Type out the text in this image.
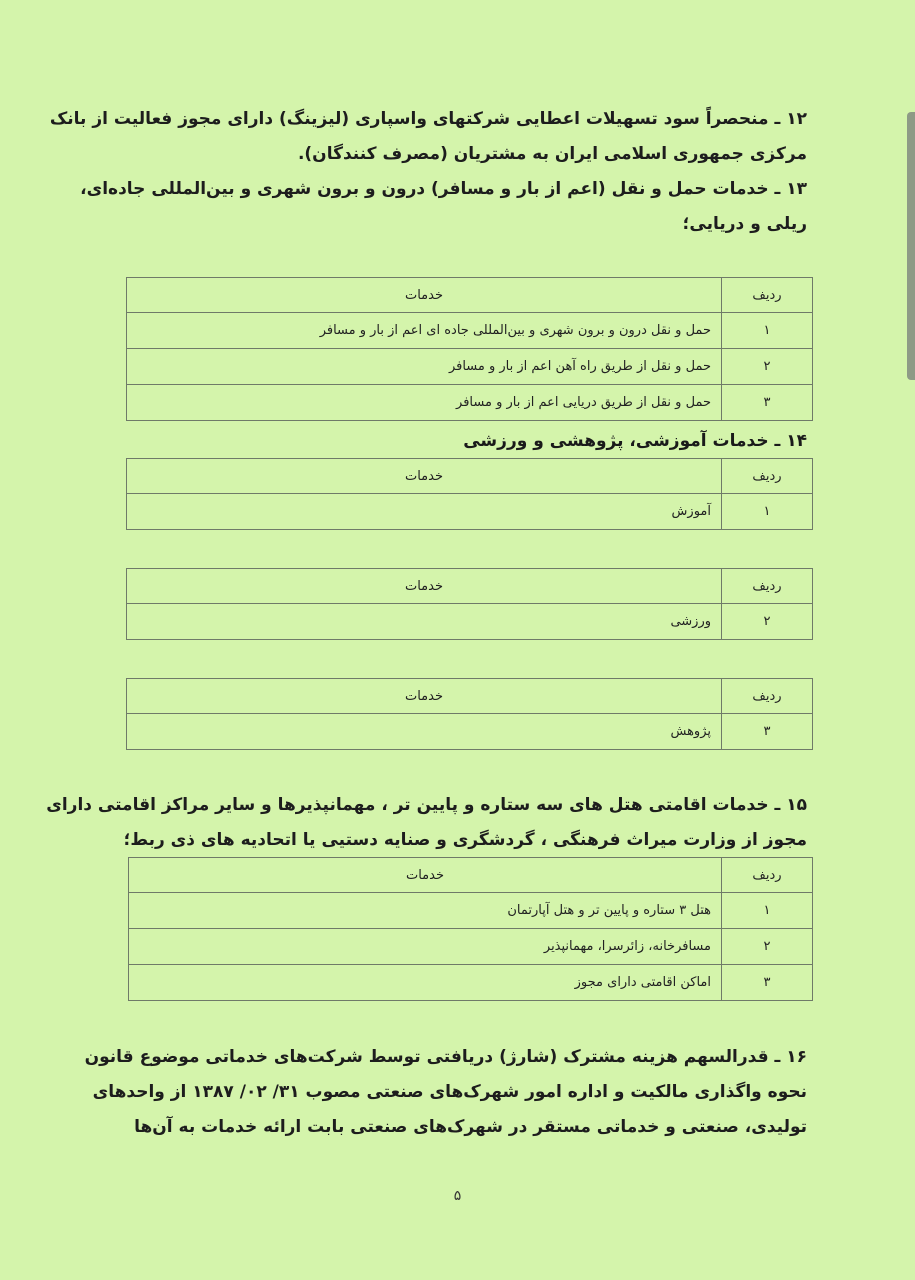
۱۲ ـ منحصراً سود تسهیلات اعطایی شرکتهای واسپاری (لیزینگ) دارای مجوز فعالیت از بانک
مرکزی جمهوری اسلامی ایران به مشتریان (مصرف کنندگان).
۱۳ ـ خدمات حمل و نقل (اعم از بار و مسافر) درون و برون شهری و بین‌المللی جاده‌ای،
ریلی و دریایی؛
ردیف	خدمات
۱	حمل و نقل درون و برون شهری و بین‌المللی جاده ای اعم از بار و مسافر
۲	حمل و نقل از طریق راه آهن اعم از بار و مسافر
۳	حمل و نقل از طریق دریایی اعم از بار و مسافر
۱۴ ـ خدمات آموزشی، پژوهشی و ورزشی
ردیف	خدمات
۱	آموزش
ردیف	خدمات
۲	ورزشی
ردیف	خدمات
۳	پژوهش
۱۵ ـ خدمات اقامتی هتل های سه ستاره و پایین تر ، مهمانپذیرها و سایر مراکز اقامتی دارای
مجوز از وزارت میراث فرهنگی ، گردشگری و صنایه دستیی یا اتحادیه های ذی ربط؛
ردیف	خدمات
۱	هتل ۳ ستاره و پایین تر و هتل آپارتمان
۲	مسافرخانه، زائرسرا، مهمانپذیر
۳	اماکن اقامتی دارای مجوز
۱۶ ـ قدرالسهم هزینه مشترک (شارژ) دریافتی توسط شرکت‌های خدماتی موضوع قانون
نحوه واگذاری مالکیت و اداره امور شهرک‌های صنعتی مصوب ۳۱/ ۰۲/ ۱۳۸۷ از واحدهای
تولیدی، صنعتی و خدماتی مستقر در شهرک‌های صنعتی بابت ارائه خدمات به آن‌ها
۵
